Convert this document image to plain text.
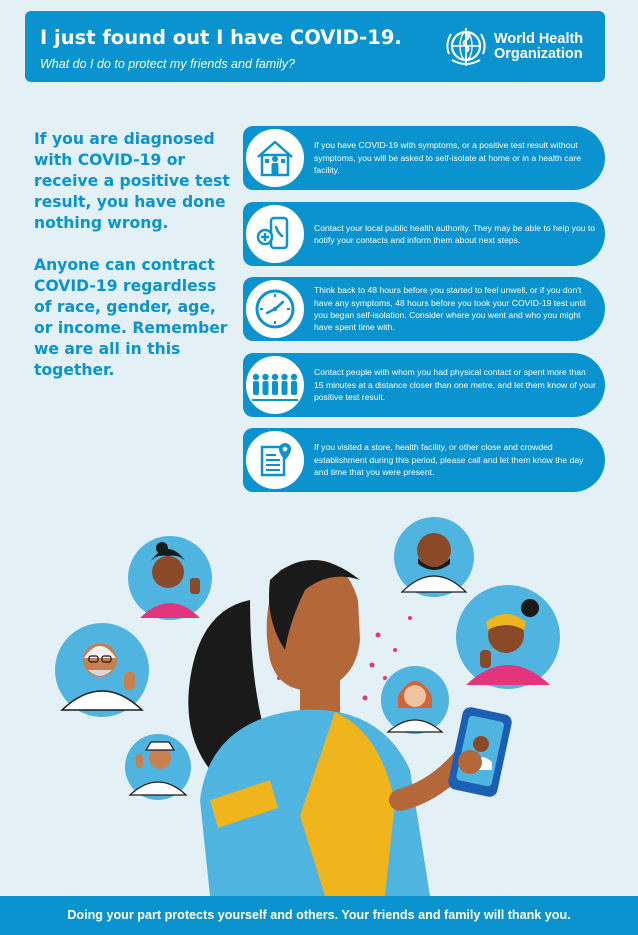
I just found out I have COVID-19.
What do I do to protect my friends and family?
World Health
Organization

If you are diagnosed with COVID-19 or receive a positive test result, you have done nothing wrong.

Anyone can contract COVID-19 regardless of race, gender, age, or income. Remember we are all in this together.

If you have COVID-19 with symptoms, or a positive test result without symptoms, you will be asked to self-isolate at home or in a health care facility.
Contact your local public health authority. They may be able to help you to notify your contacts and inform them about next steps.
Think back to 48 hours before you started to feel unwell, or if you don't have any symptoms, 48 hours before you took your COVID-19 test until you began self-isolation. Consider where you went and who you might have spent time with.
Contact people with whom you had physical contact or spent more than 15 minutes at a distance closer than one metre, and let them know of your positive test result.
If you visited a store, health facility, or other close and crowded establishment during this period, please call and let them know the day and time that you were present.
Doing your part protects yourself and others. Your friends and family will thank you.
